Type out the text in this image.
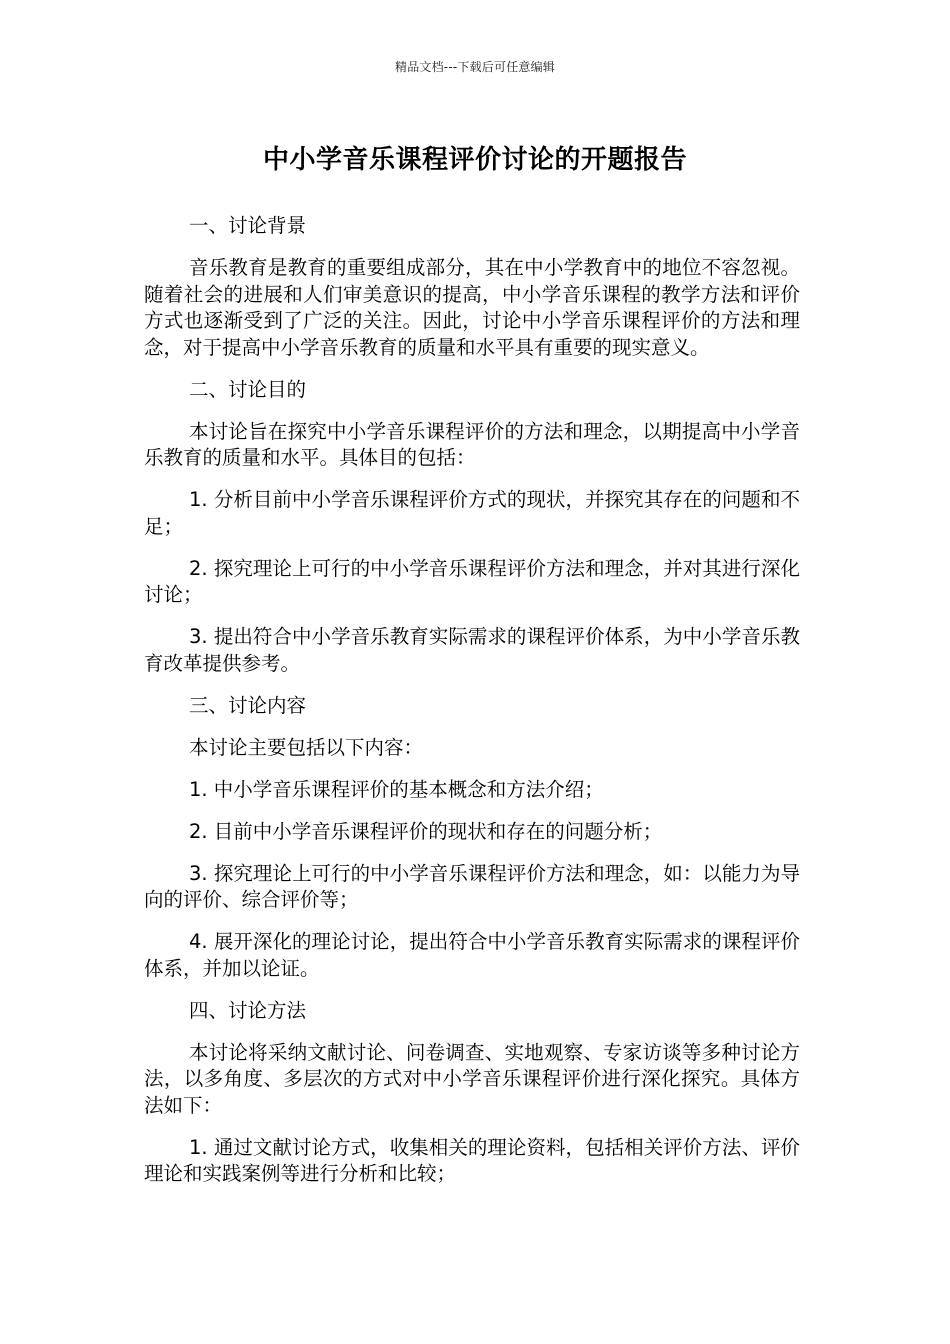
精品文档---下载后可任意编辑
中小学音乐课程评价讨论的开题报告

一、讨论背景

音乐教育是教育的重要组成部分，其在中小学教育中的地位不容忽视。随着社会的进展和人们审美意识的提高，中小学音乐课程的教学方法和评价方式也逐渐受到了广泛的关注。因此，讨论中小学音乐课程评价的方法和理念，对于提高中小学音乐教育的质量和水平具有重要的现实意义。

二、讨论目的

本讨论旨在探究中小学音乐课程评价的方法和理念，以期提高中小学音乐教育的质量和水平。具体目的包括：

1. 分析目前中小学音乐课程评价方式的现状，并探究其存在的问题和不足；

2. 探究理论上可行的中小学音乐课程评价方法和理念，并对其进行深化讨论；

3. 提出符合中小学音乐教育实际需求的课程评价体系，为中小学音乐教育改革提供参考。

三、讨论内容

本讨论主要包括以下内容：

1. 中小学音乐课程评价的基本概念和方法介绍；

2. 目前中小学音乐课程评价的现状和存在的问题分析；

3. 探究理论上可行的中小学音乐课程评价方法和理念，如：以能力为导向的评价、综合评价等；

4. 展开深化的理论讨论，提出符合中小学音乐教育实际需求的课程评价体系，并加以论证。

四、讨论方法

本讨论将采纳文献讨论、问卷调查、实地观察、专家访谈等多种讨论方法，以多角度、多层次的方式对中小学音乐课程评价进行深化探究。具体方法如下：

1. 通过文献讨论方式，收集相关的理论资料，包括相关评价方法、评价理论和实践案例等进行分析和比较；
